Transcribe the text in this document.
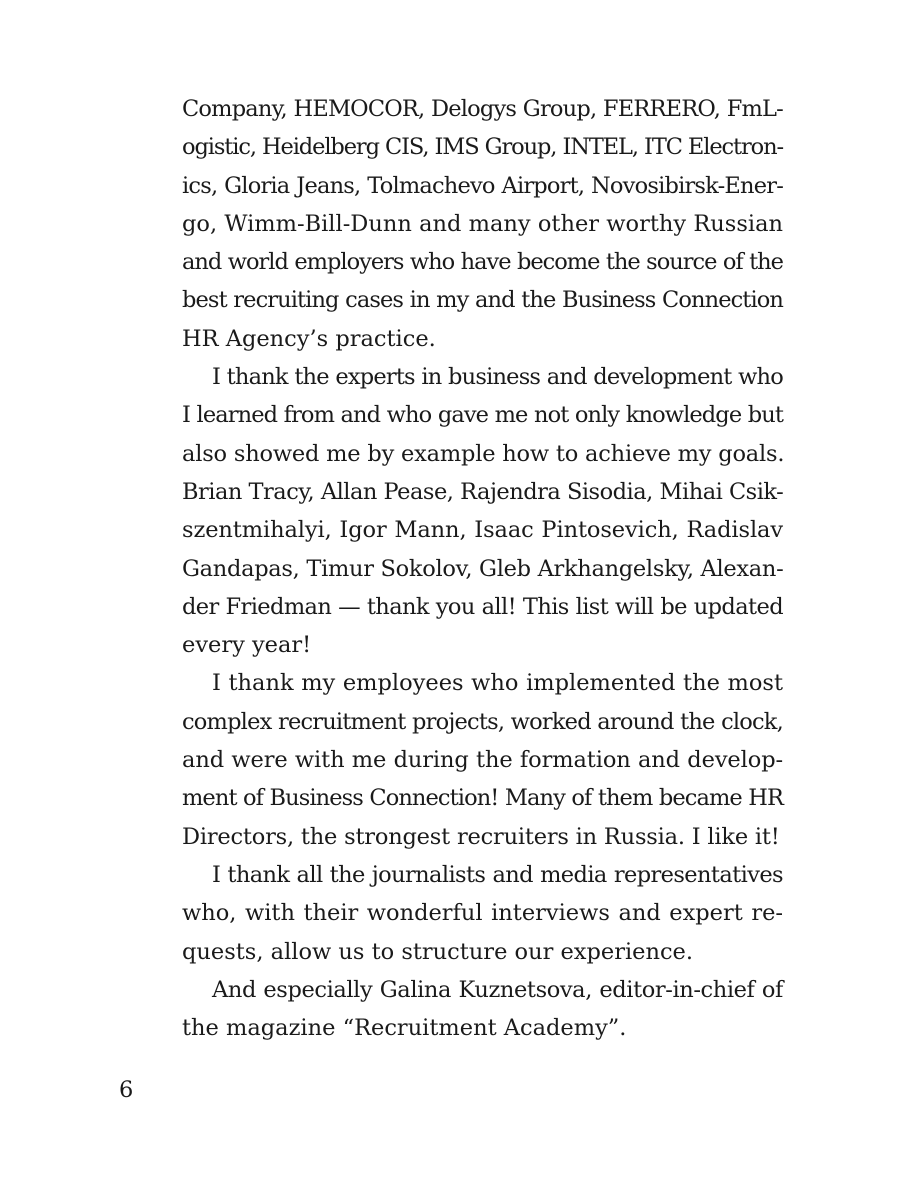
Company, HEMOCOR, Delogys Group, FERRERO, FmL-
ogistic, Heidelberg CIS, IMS Group, INTEL, ITC Electron-
ics, Gloria Jeans, Tolmachevo Airport, Novosibirsk-Ener-
go, Wimm-Bill-Dunn and many other worthy Russian
and world employers who have become the source of the
best recruiting cases in my and the Business Connection
HR Agency’s practice.

I thank the experts in business and development who
I learned from and who gave me not only knowledge but
also showed me by example how to achieve my goals.
Brian Tracy, Allan Pease, Rajendra Sisodia, Mihai Csik-
szentmihalyi, Igor Mann, Isaac Pintosevich, Radislav
Gandapas, Timur Sokolov, Gleb Arkhangelsky, Alexan-
der Friedman — thank you all! This list will be updated
every year!

I thank my employees who implemented the most
complex recruitment projects, worked around the clock,
and were with me during the formation and develop-
ment of Business Connection! Many of them became HR
Directors, the strongest recruiters in Russia. I like it!

I thank all the journalists and media representatives
who, with their wonderful interviews and expert re-
quests, allow us to structure our experience.

And especially Galina Kuznetsova, editor-in-chief of
the magazine “Recruitment Academy”.

6
